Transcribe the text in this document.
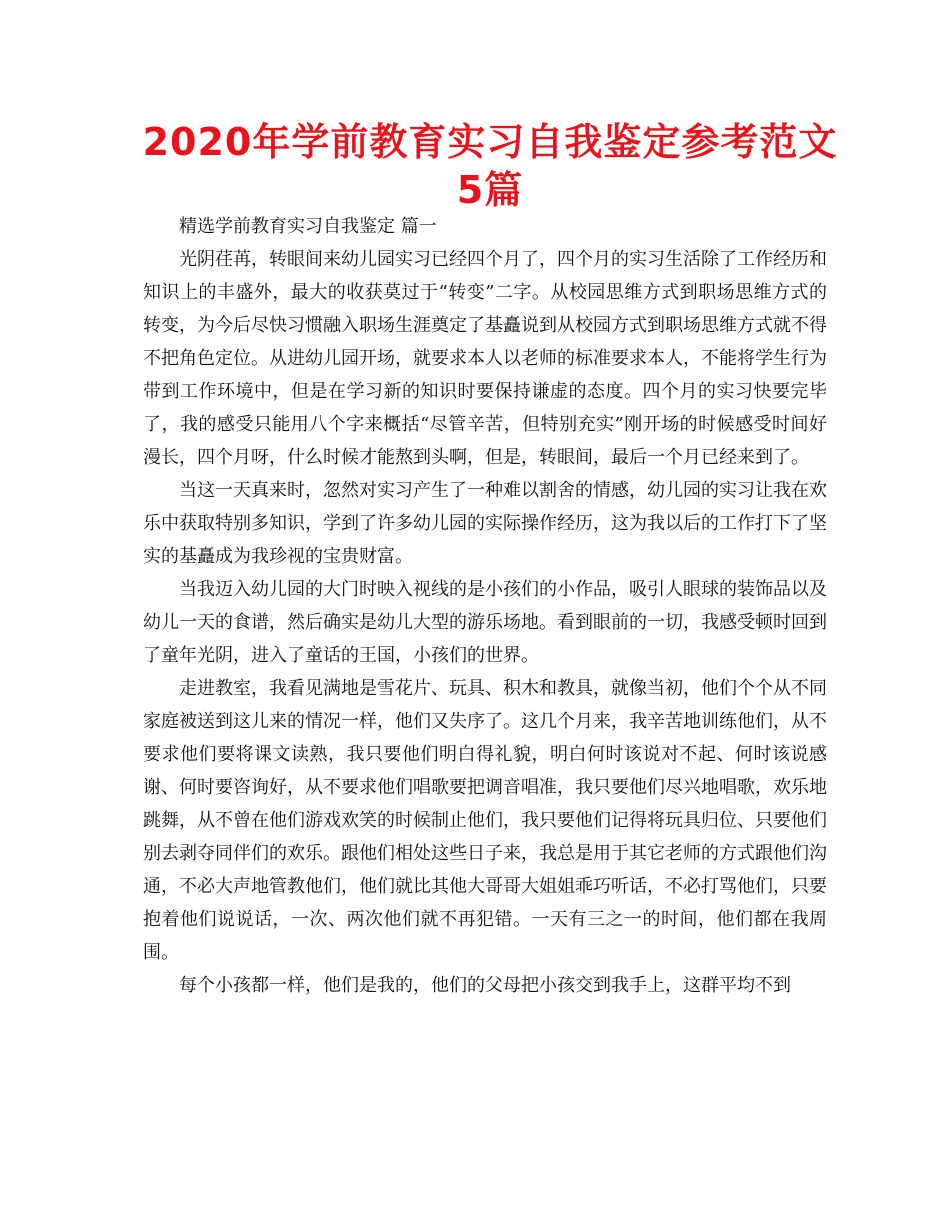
2020年学前教育实习自我鉴定参考范文5篇

精选学前教育实习自我鉴定 篇一

光阴荏苒，转眼间来幼儿园实习已经四个月了，四个月的实习生活除了工作经历和知识上的丰盛外，最大的收获莫过于“转变”二字。从校园思维方式到职场思维方式的转变，为今后尽快习惯融入职场生涯奠定了基矗说到从校园方式到职场思维方式就不得不把角色定位。从进幼儿园开场，就要求本人以老师的标准要求本人，不能将学生行为带到工作环境中，但是在学习新的知识时要保持谦虚的态度。四个月的实习快要完毕了，我的感受只能用八个字来概括“尽管辛苦，但特别充实”刚开场的时候感受时间好漫长，四个月呀，什么时候才能熬到头啊，但是，转眼间，最后一个月已经来到了。

当这一天真来时，忽然对实习产生了一种难以割舍的情感，幼儿园的实习让我在欢乐中获取特别多知识，学到了许多幼儿园的实际操作经历，这为我以后的工作打下了坚实的基矗成为我珍视的宝贵财富。

当我迈入幼儿园的大门时映入视线的是小孩们的小作品，吸引人眼球的装饰品以及幼儿一天的食谱，然后确实是幼儿大型的游乐场地。看到眼前的一切，我感受顿时回到了童年光阴，进入了童话的王国，小孩们的世界。

走进教室，我看见满地是雪花片、玩具、积木和教具，就像当初，他们个个从不同家庭被送到这儿来的情况一样，他们又失序了。这几个月来，我辛苦地训练他们，从不要求他们要将课文读熟，我只要他们明白得礼貌，明白何时该说对不起、何时该说感谢、何时要咨询好，从不要求他们唱歌要把调音唱准，我只要他们尽兴地唱歌，欢乐地跳舞，从不曾在他们游戏欢笑的时候制止他们，我只要他们记得将玩具归位、只要他们别去剥夺同伴们的欢乐。跟他们相处这些日子来，我总是用于其它老师的方式跟他们沟通，不必大声地管教他们，他们就比其他大哥哥大姐姐乖巧听话，不必打骂他们，只要抱着他们说说话，一次、两次他们就不再犯错。一天有三之一的时间，他们都在我周围。

每个小孩都一样，他们是我的，他们的父母把小孩交到我手上，这群平均不到
